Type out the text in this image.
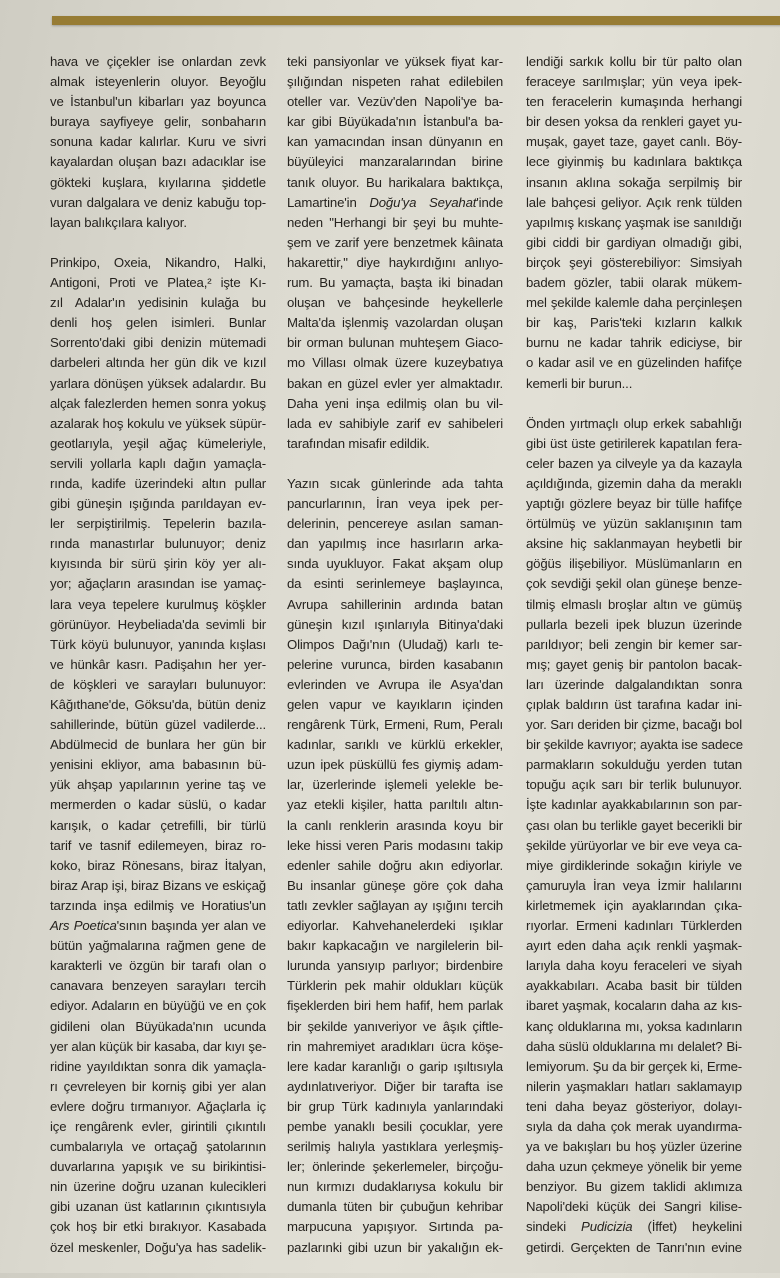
hava ve çiçekler ise onlardan zevk
almak isteyenlerin oluyor. Beyoğlu
ve İstanbul'un kibarları yaz boyunca
buraya sayfiyeye gelir, sonbaharın
sonuna kadar kalırlar. Kuru ve sivri
kayalardan oluşan bazı adacıklar ise
gökteki kuşlara, kıyılarına şiddetle
vuran dalgalara ve deniz kabuğu top-
layan balıkçılara kalıyor.
Prinkipo, Oxeia, Nikandro, Halki,
Antigoni, Proti ve Platea,² işte Kı-
zıl Adalar'ın yedisinin kulağa bu
denli hoş gelen isimleri. Bunlar
Sorrento'daki gibi denizin mütemadi
darbeleri altında her gün dik ve kızıl
yarlara dönüşen yüksek adalardır. Bu
alçak falezlerden hemen sonra yokuş
azalarak hoş kokulu ve yüksek süpür-
geotlarıyla, yeşil ağaç kümeleriyle,
servili yollarla kaplı dağın yamaçla-
rında, kadife üzerindeki altın pullar
gibi güneşin ışığında parıldayan ev-
ler serpiştirilmiş. Tepelerin bazıla-
rında manastırlar bulunuyor; deniz
kıyısında bir sürü şirin köy yer alı-
yor; ağaçların arasından ise yamaç-
lara veya tepelere kurulmuş köşkler
görünüyor. Heybeliada'da sevimli bir
Türk köyü bulunuyor, yanında kışlası
ve hünkâr kasrı. Padişahın her yer-
de köşkleri ve sarayları bulunuyor:
Kâğıthane'de, Göksu'da, bütün deniz
sahillerinde, bütün güzel vadilerde...
Abdülmecid de bunlara her gün bir
yenisini ekliyor, ama babasının bü-
yük ahşap yapılarının yerine taş ve
mermerden o kadar süslü, o kadar
karışık, o kadar çetrefilli, bir türlü
tarif ve tasnif edilemeyen, biraz ro-
koko, biraz Rönesans, biraz İtalyan,
biraz Arap işi, biraz Bizans ve eskiçağ
tarzında inşa edilmiş ve Horatius'un
Ars Poetica'sının başında yer alan ve
bütün yağmalarına rağmen gene de
karakterli ve özgün bir tarafı olan o
canavara benzeyen sarayları tercih
ediyor. Adaların en büyüğü ve en çok
gidileni olan Büyükada'nın ucunda
yer alan küçük bir kasaba, dar kıyı şe-
ridine yayıldıktan sonra dik yamaçla-
rı çevreleyen bir korniş gibi yer alan
evlere doğru tırmanıyor. Ağaçlarla iç
içe rengârenk evler, girintili çıkıntılı
cumbalarıyla ve ortaçağ şatolarının
duvarlarına yapışık ve su birikintisi-
nin üzerine doğru uzanan kulecikleri
gibi uzanan üst katlarının çıkıntısıyla
çok hoş bir etki bırakıyor. Kasabada
özel meskenler, Doğu'ya has sadelik-
teki pansiyonlar ve yüksek fiyat kar-
şılığından nispeten rahat edilebilen
oteller var. Vezüv'den Napoli'ye ba-
kar gibi Büyükada'nın İstanbul'a ba-
kan yamacından insan dünyanın en
büyüleyici manzaralarından birine
tanık oluyor. Bu harikalara baktıkça,
Lamartine'in Doğu'ya Seyahat'inde
neden "Herhangi bir şeyi bu muhte-
şem ve zarif yere benzetmek kâinata
hakarettir," diye haykırdığını anlıyo-
rum. Bu yamaçta, başta iki binadan
oluşan ve bahçesinde heykellerle
Malta'da işlenmiş vazolardan oluşan
bir orman bulunan muhteşem Giaco-
mo Villası olmak üzere kuzeybatıya
bakan en güzel evler yer almaktadır.
Daha yeni inşa edilmiş olan bu vil-
lada ev sahibiyle zarif ev sahibeleri
tarafından misafir edildik.
Yazın sıcak günlerinde ada tahta
pancurlarının, İran veya ipek per-
delerinin, pencereye asılan saman-
dan yapılmış ince hasırların arka-
sında uyukluyor. Fakat akşam olup
da esinti serinlemeye başlayınca,
Avrupa sahillerinin ardında batan
güneşin kızıl ışınlarıyla Bitinya'daki
Olimpos Dağı'nın (Uludağ) karlı te-
pelerine vurunca, birden kasabanın
evlerinden ve Avrupa ile Asya'dan
gelen vapur ve kayıkların içinden
rengârenk Türk, Ermeni, Rum, Peralı
kadınlar, sarıklı ve kürklü erkekler,
uzun ipek püsküllü fes giymiş adam-
lar, üzerlerinde işlemeli yelekle be-
yaz etekli kişiler, hatta parıltılı altın-
la canlı renklerin arasında koyu bir
leke hissi veren Paris modasını takip
edenler sahile doğru akın ediyorlar.
Bu insanlar güneşe göre çok daha
tatlı zevkler sağlayan ay ışığını tercih
ediyorlar. Kahvehanelerdeki ışıklar
bakır kapkacağın ve nargilelerin bil-
lurunda yansıyıp parlıyor; birdenbire
Türklerin pek mahir oldukları küçük
fişeklerden biri hem hafif, hem parlak
bir şekilde yanıveriyor ve âşık çiftle-
rin mahremiyet aradıkları ücra köşe-
lere kadar karanlığı o garip ışıltısıyla
aydınlatıveriyor. Diğer bir tarafta ise
bir grup Türk kadınıyla yanlarındaki
pembe yanaklı besili çocuklar, yere
serilmiş halıyla yastıklara yerleşmiş-
ler; önlerinde şekerlemeler, birçoğu-
nun kırmızı dudaklarıysa kokulu bir
dumanla tüten bir çubuğun kehribar
marpucuna yapışıyor. Sırtında pa-
pazlarınki gibi uzun bir yakalığın ek-
lendiği sarkık kollu bir tür palto olan
feraceye sarılmışlar; yün veya ipek-
ten feracelerin kumaşında herhangi
bir desen yoksa da renkleri gayet yu-
muşak, gayet taze, gayet canlı. Böy-
lece giyinmiş bu kadınlara baktıkça
insanın aklına sokağa serpilmiş bir
lale bahçesi geliyor. Açık renk tülden
yapılmış kıskanç yaşmak ise sanıldığı
gibi ciddi bir gardiyan olmadığı gibi,
birçok şeyi gösterebiliyor: Simsiyah
badem gözler, tabii olarak mükem-
mel şekilde kalemle daha perçinleşen
bir kaş, Paris'teki kızların kalkık
burnu ne kadar tahrik ediciyse, bir
o kadar asil ve en güzelinden hafifçe
kemerli bir burun...
Önden yırtmaçlı olup erkek sabahlığı
gibi üst üste getirilerek kapatılan fera-
celer bazen ya cilveyle ya da kazayla
açıldığında, gizemin daha da meraklı
yaptığı gözlere beyaz bir tülle hafifçe
örtülmüş ve yüzün saklanışının tam
aksine hiç saklanmayan heybetli bir
göğüs ilişebiliyor. Müslümanların en
çok sevdiği şekil olan güneşe benze-
tilmiş elmaslı broşlar altın ve gümüş
pullarla bezeli ipek bluzun üzerinde
parıldıyor; beli zengin bir kemer sar-
mış; gayet geniş bir pantolon bacak-
ları üzerinde dalgalandıktan sonra
çıplak baldırın üst tarafına kadar ini-
yor. Sarı deriden bir çizme, bacağı bol
bir şekilde kavrıyor; ayakta ise sadece
parmakların sokulduğu yerden tutan
topuğu açık sarı bir terlik bulunuyor.
İşte kadınlar ayakkabılarının son par-
çası olan bu terlikle gayet becerikli bir
şekilde yürüyorlar ve bir eve veya ca-
miye girdiklerinde sokağın kiriyle ve
çamuruyla İran veya İzmir halılarını
kirletmemek için ayaklarından çıka-
rıyorlar. Ermeni kadınları Türklerden
ayırt eden daha açık renkli yaşmak-
larıyla daha koyu feraceleri ve siyah
ayakkabıları. Acaba basit bir tülden
ibaret yaşmak, kocaların daha az kıs-
kanç olduklarına mı, yoksa kadınların
daha süslü olduklarına mı delalet? Bi-
lemiyorum. Şu da bir gerçek ki, Erme-
nilerin yaşmakları hatları saklamayıp
teni daha beyaz gösteriyor, dolayı-
sıyla da daha çok merak uyandırma-
ya ve bakışları bu hoş yüzler üzerine
daha uzun çekmeye yönelik bir yeme
benziyor. Bu gizem taklidi aklımıza
Napoli'deki küçük dei Sangri kilise-
sindeki Pudicizia (İffet) heykelini
getirdi. Gerçekten de Tanrı'nın evine
